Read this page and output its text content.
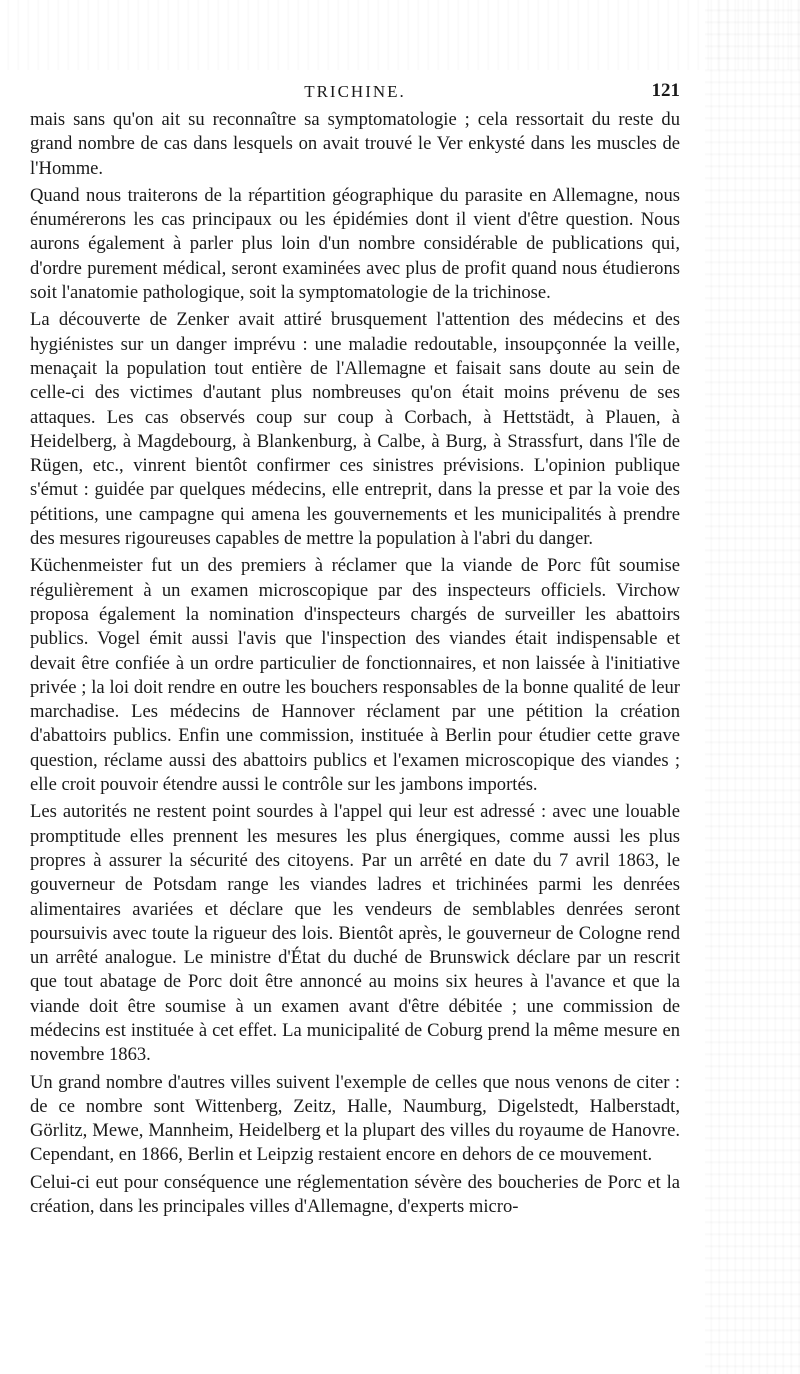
TRICHINE.	121

mais sans qu'on ait su reconnaître sa symptomatologie ; cela ressortait du reste du grand nombre de cas dans lesquels on avait trouvé le Ver enkysté dans les muscles de l'Homme.

Quand nous traiterons de la répartition géographique du parasite en Allemagne, nous énumérerons les cas principaux ou les épidémies dont il vient d'être question. Nous aurons également à parler plus loin d'un nombre considérable de publications qui, d'ordre purement médical, seront examinées avec plus de profit quand nous étudierons soit l'anatomie pathologique, soit la symptomatologie de la trichinose.

La découverte de Zenker avait attiré brusquement l'attention des médecins et des hygiénistes sur un danger imprévu : une maladie redoutable, insoupçonnée la veille, menaçait la population tout entière de l'Allemagne et faisait sans doute au sein de celle-ci des victimes d'autant plus nombreuses qu'on était moins prévenu de ses attaques. Les cas observés coup sur coup à Corbach, à Hettstädt, à Plauen, à Heidelberg, à Magdebourg, à Blankenburg, à Calbe, à Burg, à Strassfurt, dans l'île de Rügen, etc., vinrent bientôt confirmer ces sinistres prévisions. L'opinion publique s'émut : guidée par quelques médecins, elle entreprit, dans la presse et par la voie des pétitions, une campagne qui amena les gouvernements et les municipalités à prendre des mesures rigoureuses capables de mettre la population à l'abri du danger.

Küchenmeister fut un des premiers à réclamer que la viande de Porc fût soumise régulièrement à un examen microscopique par des inspecteurs officiels. Virchow proposa également la nomination d'inspecteurs chargés de surveiller les abattoirs publics. Vogel émit aussi l'avis que l'inspection des viandes était indispensable et devait être confiée à un ordre particulier de fonctionnaires, et non laissée à l'initiative privée ; la loi doit rendre en outre les bouchers responsables de la bonne qualité de leur marchadise. Les médecins de Hannover réclament par une pétition la création d'abattoirs publics. Enfin une commission, instituée à Berlin pour étudier cette grave question, réclame aussi des abattoirs publics et l'examen microscopique des viandes ; elle croit pouvoir étendre aussi le contrôle sur les jambons importés.

Les autorités ne restent point sourdes à l'appel qui leur est adressé : avec une louable promptitude elles prennent les mesures les plus énergiques, comme aussi les plus propres à assurer la sécurité des citoyens. Par un arrêté en date du 7 avril 1863, le gouverneur de Potsdam range les viandes ladres et trichinées parmi les denrées alimentaires avariées et déclare que les vendeurs de semblables denrées seront poursuivis avec toute la rigueur des lois. Bientôt après, le gouverneur de Cologne rend un arrêté analogue. Le ministre d'État du duché de Brunswick déclare par un rescrit que tout abatage de Porc doit être annoncé au moins six heures à l'avance et que la viande doit être soumise à un examen avant d'être débitée ; une commission de médecins est instituée à cet effet. La municipalité de Coburg prend la même mesure en novembre 1863.

Un grand nombre d'autres villes suivent l'exemple de celles que nous venons de citer : de ce nombre sont Wittenberg, Zeitz, Halle, Naumburg, Digelstedt, Halberstadt, Görlitz, Mewe, Mannheim, Heidelberg et la plupart des villes du royaume de Hanovre. Cependant, en 1866, Berlin et Leipzig restaient encore en dehors de ce mouvement.

Celui-ci eut pour conséquence une réglementation sévère des boucheries de Porc et la création, dans les principales villes d'Allemagne, d'experts micro-
